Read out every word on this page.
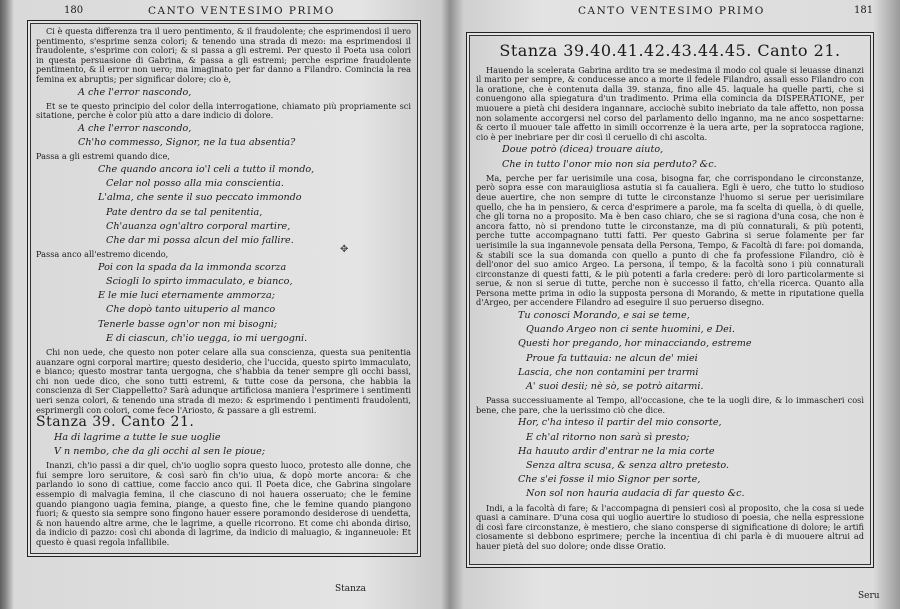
180	CANTO VENTESIMO PRIMO

Ci è questa differenza tra il uero pentimento, & il fraudolente; che esprimendosi il uero pentimento, s'esprime senza colori; & tenendo una strada di mezo: ma esprimendosi il fraudolente, s'esprime con colori; & si passa a gli estremi. Per questo il Poeta usa colori in questa persuasione di Gabrina, & passa a gli estremi; perche esprime fraudolente pentimento, & il error non uero; ma imaginato per far danno a Filandro. Comincia la rea femina ex abruptis; per significar dolore; cio è,

A che l'error nascondo,

Et se te questo principio del color della interrogatione, chiamato più propriamente sci sitatione, perche è color più atto a dare indicio di dolore.

A che l'error nascondo,
Ch'ho commesso, Signor, ne la tua absentia?

Passa a gli estremi quando dice,

Che quando ancora io'l celi a tutto il mondo,
Celar nol posso alla mia conscientia.
L'alma, che sente il suo peccato immondo
Pate dentro da se tal penitentia,
Ch'auanza ogn'altro corporal martire,
Che dar mi possa alcun del mio fallire.

Passa anco all'estremo dicendo,

Poi con la spada da la immonda scorza
Sciogli lo spirto immaculato, e bianco,
E le mie luci eternamente ammorza;
Che dopò tanto uituperio al manco
Tenerle basse ogn'or non mi bisogni;
E di ciascun, ch'io uegga, io mi uergogni.

Chi non uede, che questo non poter celare alla sua conscienza, questa sua penitentia auanzare ogni corporal martire; questo desiderio, che l'uccida, questo spirto immaculato, e bianco; questo mostrar tanta uergogna, che s'habbia da tener sempre gli occhi bassi, chi non uede dico, che sono tutti estremi, & tutte cose da persona, che habbia la conscienza di Ser Ciappelletto? Sarà adunque artificiosa maniera l'esprimere i sentimenti ueri senza colori, & tenendo una strada di mezo: & esprimendo i pentimenti fraudolenti, esprimergli con colori, come fece l'Ariosto, & passare a gli estremi.

Stanza 39. Canto 21.
Ha di lagrime a tutte le sue uoglie
V n nembo, che da gli occhi al sen le pioue;

Inanzi, ch'io passi a dir quel, ch'io uoglio sopra questo luoco, protesto alle donne, che fui sempre loro seruitore, & così sarò fin ch'io uiua, & dopò morte ancora: & che parlando io sono di cattiue, come faccio anco qui. Il Poeta dice, che Gabrina singolare essempio di malvagia femina, il che ciascuno di noi hauera osseruato; che le femine quando piangono uagia femina, piange, a questo fine, che le femine quando piangono fuori; & questo sia sempre sono fingono hauer essere poramondo desiderose di uendetta, & non hauendo altre arme, che le lagrime, a quelle ricorrono. Et come chi abonda diriso, da indicio di pazzo: così chi abonda di lagrime, da indicio di maluagio, & inganneuole: Et questo è quasi regola infallibile.

✥
Stanza
CANTO VENTESIMO PRIMO	181
Stanza 39.40.41.42.43.44.45. Canto 21.

Hauendo la scelerata Gabrina ardito tra se medesima il modo col quale si leuasse dinanzi il marito per sempre, & conducesse anco a morte il fedele Filandro, assalì esso Filandro con la oratione, che è contenuta dalla 39. stanza, fino alle 45. laquale ha quelle parti, che si conuengono alla spiegatura d'un tradimento. Prima ella comincia da DISPERATIONE, per muouere a pietà chi desidera ingannare, acciochè subito inebriato da tale affetto, non possa non solamente accorgersi nel corso del parlamento dello inganno, ma ne anco sospettarne: & certo il muouer tale affetto in simili occorrenze è la uera arte, per la sopratocca ragione, cio è per inebriare per dir così il ceruello di chi ascolta.

Doue potrò (dicea) trouare aiuto,
Che in tutto l'onor mio non sia perduto? &c.

Ma, perche per far uerisimile una cosa, bisogna far, che corrispondano le circonstanze, però sopra esse con marauigliosa astutia si fa caualiera. Egli è uero, che tutto lo studioso deue auertire, che non sempre di tutte le circonstanze l'huomo si serue per uerisimilare quello, che ha in pensiero, & cerca d'esprimere a parole, ma fa scelta di quella, ò di quelle, che gli torna no a proposito. Ma è ben caso chiaro, che se si ragiona d'una cosa, che non è ancora fatto, nò si prendono tutte le circonstanze, ma di più connaturali, & più potenti, perche tutte accompagnano tutti fatti. Per questo Gabrina si serue folamente per far uerisimile la sua ingannevole pensata della Persona, Tempo, & Facoltà di fare: poi domanda, & stabili sce la sua domanda con quello a punto di che fa professione Filandro, ciò è dell'onor del suo amico Argeo. La persona, il tempo, & la facoltà sono i più connaturali circonstanze di questi fatti, & le più potenti a farla credere: però di loro particolarmente si serue, & non si serue di tutte, perche non è successo il fatto, ch'ella ricerca. Quanto alla Persona mette prima in odio la supposta persona di Morando, & mette in riputatione quella d'Argeo, per accendere Filandro ad eseguire il suo peruerso disegno.

Tu conosci Morando, e sai se teme,
Quando Argeo non ci sente huomini, e Dei.
Questi hor pregando, hor minacciando, estreme
Proue fa tuttauia: ne alcun de' miei
Lascia, che non contamini per trarmi
A' suoi desii; nè sò, se potrò aitarmi.

Passa successiuamente al Tempo, all'occasione, che te la uogli dire, & lo immascheri così bene, che pare, che la uerissimo ciò che dice.

Hor, c'ha inteso il partir del mio consorte,
E ch'al ritorno non sarà sì presto;
Ha hauuto ardir d'entrar ne la mia corte
Senza altra scusa, & senza altro pretesto.
Che s'ei fosse il mio Signor per sorte,
Non sol non hauria audacia di far questo &c.

Indi, a la facoltà di fare; & l'accompagna di pensieri così al proposito, che la cosa si uede quasi a caminare. D'una cosa qui uoglio auertire lo studioso di poesia, che nella espressione di così fare circonstanze, è mestiero, che siano consperse di significatione di dolore; le artifi ciosamente si debbono esprimere; perche la incentiua di chi parla è di muouere altrui ad hauer pietà del suo dolore; onde disse Oratio.

Seru
